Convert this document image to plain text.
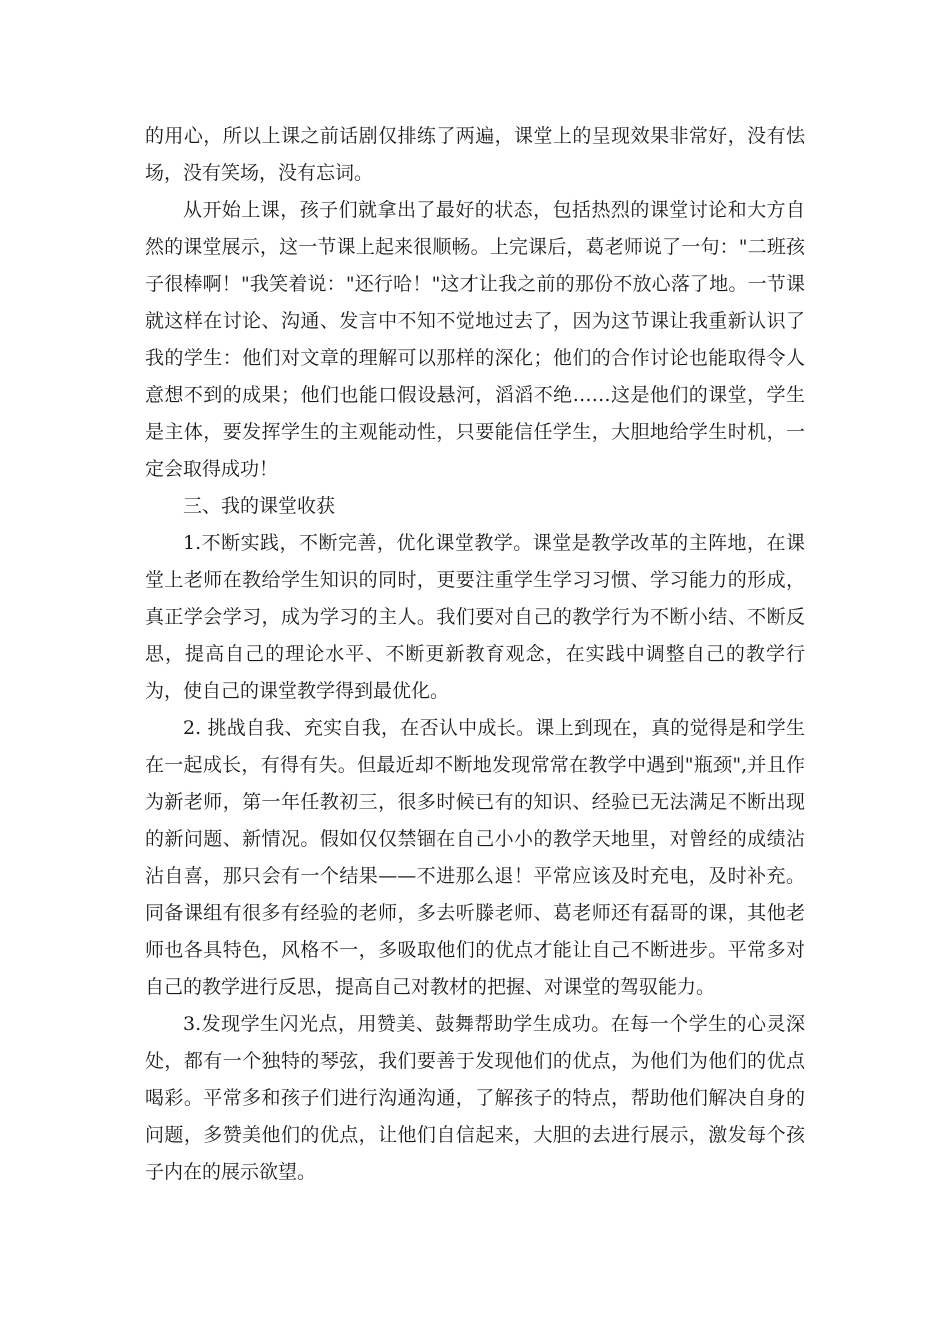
的用心，所以上课之前话剧仅排练了两遍，课堂上的呈现效果非常好，没有怯场，没有笑场，没有忘词。

从开始上课，孩子们就拿出了最好的状态，包括热烈的课堂讨论和大方自然的课堂展示，这一节课上起来很顺畅。上完课后，葛老师说了一句："二班孩子很棒啊！"我笑着说："还行哈！"这才让我之前的那份不放心落了地。一节课就这样在讨论、沟通、发言中不知不觉地过去了，因为这节课让我重新认识了我的学生：他们对文章的理解可以那样的深化；他们的合作讨论也能取得令人意想不到的成果；他们也能口假设悬河，滔滔不绝……这是他们的课堂，学生是主体，要发挥学生的主观能动性，只要能信任学生，大胆地给学生时机，一定会取得成功！

三、我的课堂收获

1.不断实践，不断完善，优化课堂教学。课堂是教学改革的主阵地，在课堂上老师在教给学生知识的同时，更要注重学生学习习惯、学习能力的形成，真正学会学习，成为学习的主人。我们要对自己的教学行为不断小结、不断反思，提高自己的理论水平、不断更新教育观念，在实践中调整自己的教学行为，使自己的课堂教学得到最优化。

2. 挑战自我、充实自我，在否认中成长。课上到现在，真的觉得是和学生在一起成长，有得有失。但最近却不断地发现常常在教学中遇到"瓶颈",并且作为新老师，第一年任教初三，很多时候已有的知识、经验已无法满足不断出现的新问题、新情况。假如仅仅禁锢在自己小小的教学天地里，对曾经的成绩沾沾自喜，那只会有一个结果——不进那么退！平常应该及时充电，及时补充。同备课组有很多有经验的老师，多去听滕老师、葛老师还有磊哥的课，其他老师也各具特色，风格不一，多吸取他们的优点才能让自己不断进步。平常多对自己的教学进行反思，提高自己对教材的把握、对课堂的驾驭能力。

3.发现学生闪光点，用赞美、鼓舞帮助学生成功。在每一个学生的心灵深处，都有一个独特的琴弦，我们要善于发现他们的优点，为他们为他们的优点喝彩。平常多和孩子们进行沟通沟通，了解孩子的特点，帮助他们解决自身的问题，多赞美他们的优点，让他们自信起来，大胆的去进行展示，激发每个孩子内在的展示欲望。
